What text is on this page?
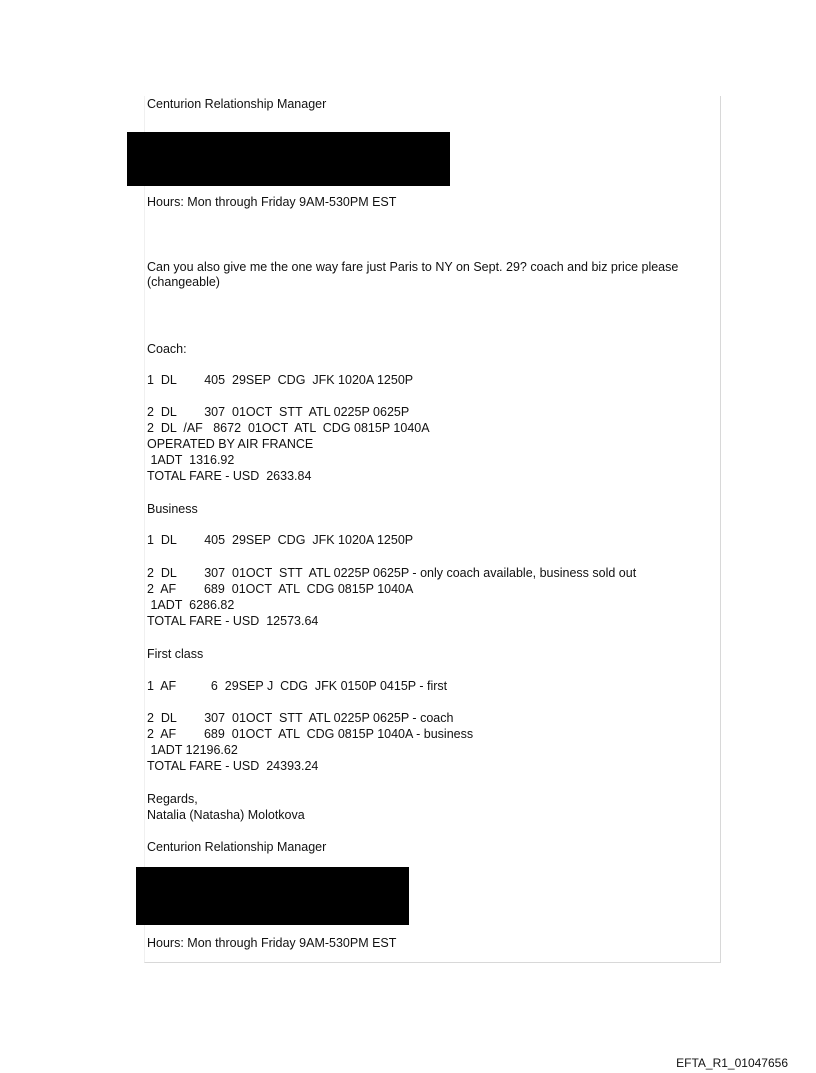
Centurion Relationship Manager

Hours: Mon through Friday 9AM-530PM EST

Can you also give me the one way fare just Paris to NY on Sept. 29? coach and biz price please (changeable)

Coach:

1  DL        405  29SEP  CDG  JFK 1020A 1250P

2  DL        307  01OCT  STT  ATL 0225P 0625P

2  DL  /AF   8672  01OCT  ATL  CDG 0815P 1040A

OPERATED BY AIR FRANCE

1ADT  1316.92

TOTAL FARE - USD  2633.84

Business

1  DL        405  29SEP  CDG  JFK 1020A 1250P

2  DL        307  01OCT  STT  ATL 0225P 0625P - only coach available, business sold out

2  AF        689  01OCT  ATL  CDG 0815P 1040A

1ADT  6286.82

TOTAL FARE - USD  12573.64

First class

1  AF          6  29SEP J  CDG  JFK 0150P 0415P - first

2  DL        307  01OCT  STT  ATL 0225P 0625P - coach

2  AF        689  01OCT  ATL  CDG 0815P 1040A - business

1ADT 12196.62

TOTAL FARE - USD  24393.24

Regards,

Natalia (Natasha) Molotkova

Centurion Relationship Manager

Hours: Mon through Friday 9AM-530PM EST

EFTA_R1_01047656
